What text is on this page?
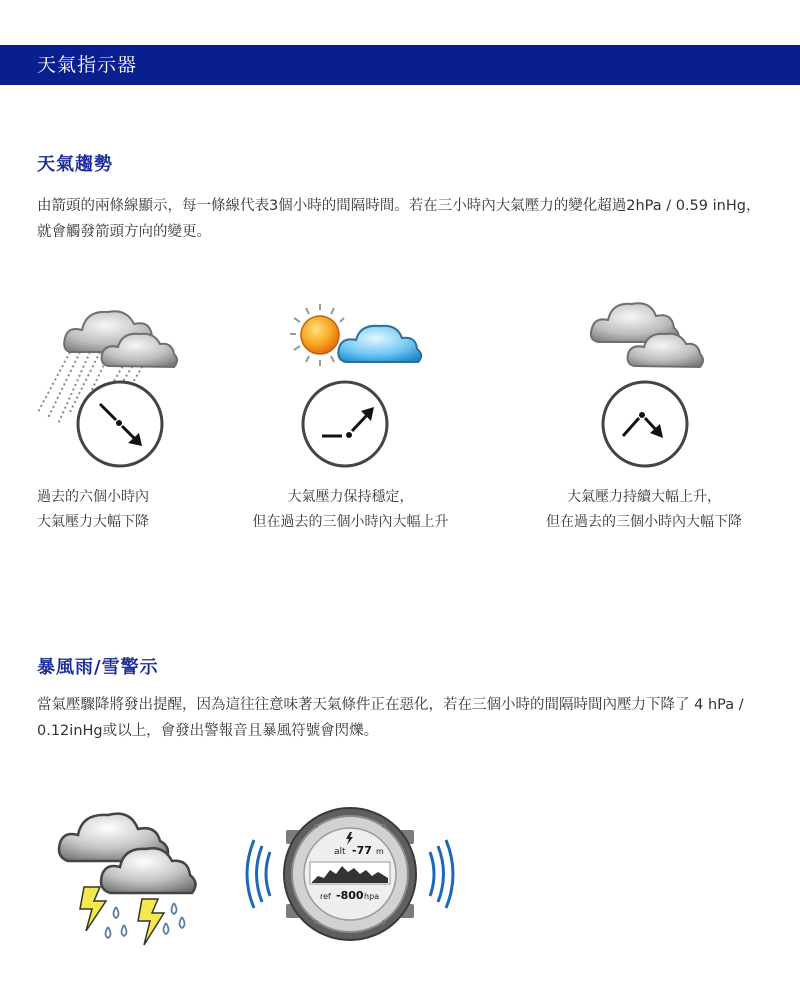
天氣指示器
天氣趨勢

由箭頭的兩條線顯示，每一條線代表3個小時的間隔時間。若在三小時內大氣壓力的變化超過2hPa / 0.59 inHg，就會觸發箭頭方向的變更。

過去的六個小時內
大氣壓力大幅下降
大氣壓力保持穩定，
但在過去的三個小時內大幅上升
大氣壓力持續大幅上升，
但在過去的三個小時內大幅下降
暴風雨/雪警示

當氣壓驟降將發出提醒，因為這往往意味著天氣條件正在惡化，若在三個小時的間隔時間內壓力下降了 4 hPa / 0.12inHg或以上，會發出警報音且暴風符號會閃爍。

alt -77 m
ref -800 hpa
